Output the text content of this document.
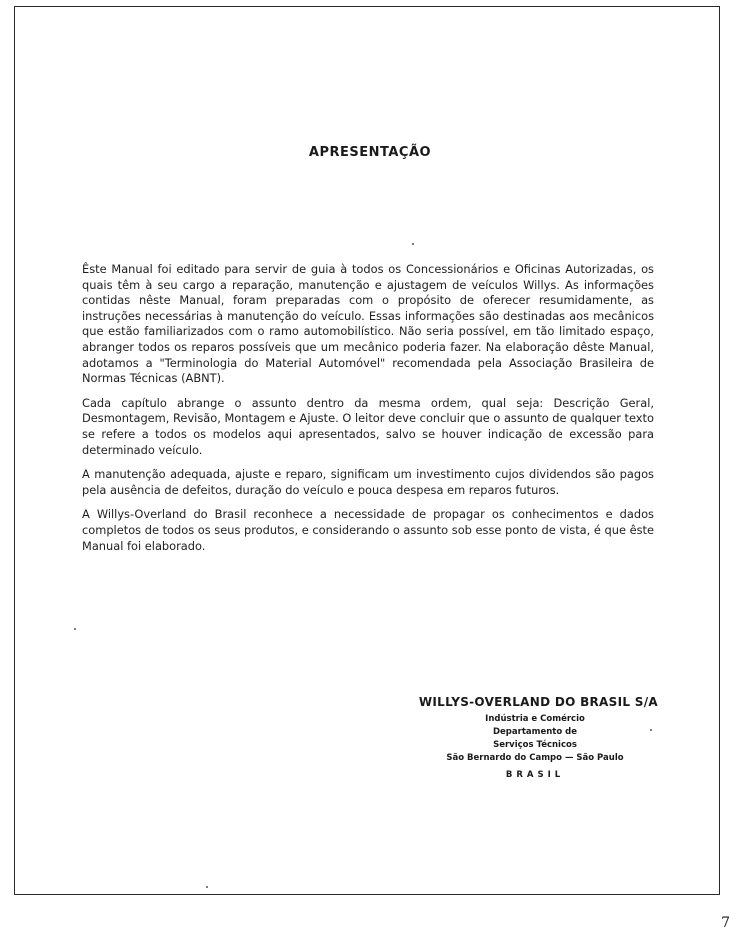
APRESENTAÇÃO

Êste Manual foi editado para servir de guia à todos os Concessionários e Oficinas Autorizadas, os quais têm à seu cargo a reparação, manutenção e ajustagem de veículos Willys. As informações contidas nêste Manual, foram preparadas com o propósito de oferecer resumidamente, as instruções necessárias à manutenção do veículo. Essas informações são destinadas aos mecânicos que estão familiarizados com o ramo automobilístico. Não seria possível, em tão limitado espaço, abranger todos os reparos possíveis que um mecânico poderia fazer. Na elaboração dêste Manual, adotamos a "Terminologia do Material Automóvel" recomendada pela Associação Brasileira de Normas Técnicas (ABNT).

Cada capítulo abrange o assunto dentro da mesma ordem, qual seja: Descrição Geral, Desmontagem, Revisão, Montagem e Ajuste. O leitor deve concluir que o assunto de qualquer texto se refere a todos os modelos aqui apresentados, salvo se houver indicação de excessão para determinado veículo.

A manutenção adequada, ajuste e reparo, significam um investimento cujos dividendos são pagos pela ausência de defeitos, duração do veículo e pouca despesa em reparos futuros.

A Willys-Overland do Brasil reconhece a necessidade de propagar os conhecimentos e dados completos de todos os seus produtos, e considerando o assunto sob esse ponto de vista, é que êste Manual foi elaborado.

WILLYS-OVERLAND DO BRASIL S/A

Indústria e Comércio

Departamento de

Serviços Técnicos

São Bernardo do Campo — São Paulo

BRASIL

7
